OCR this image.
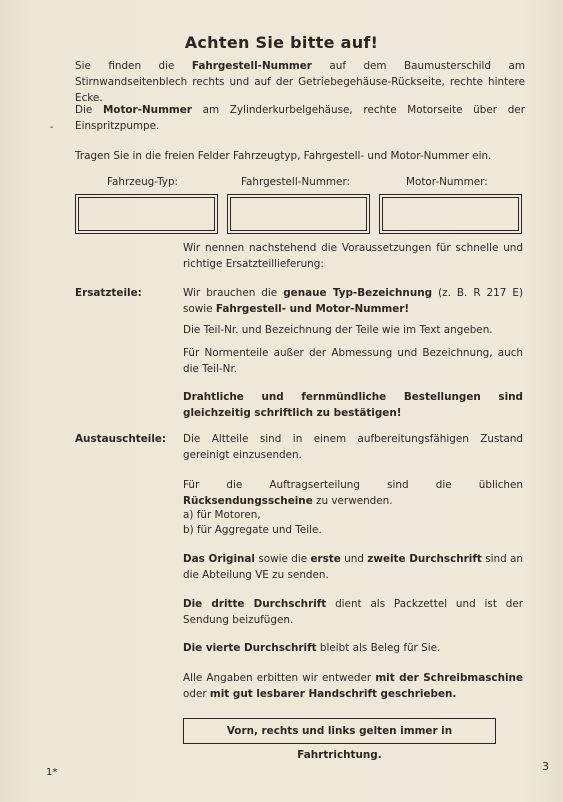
Achten Sie bitte auf!
Sie finden die Fahrgestell-Nummer auf dem Baumusterschild am Stirnwandseitenblech rechts und auf der Getriebegehäuse-Rückseite, rechte hintere Ecke.
Die Motor-Nummer am Zylinderkurbelgehäuse, rechte Motorseite über der Einspritzpumpe.
-
Tragen Sie in die freien Felder Fahrzeugtyp, Fahrgestell- und Motor-Nummer ein.
Fahrzeug-Typ:	Fahrgestell-Nummer:	Motor-Nummer:
Wir nennen nachstehend die Voraussetzungen für schnelle und richtige Ersatzteillieferung:
Ersatzteile:	Wir brauchen die genaue Typ-Bezeichnung (z. B. R 217 E) sowie Fahrgestell- und Motor-Nummer!
Die Teil-Nr. und Bezeichnung der Teile wie im Text angeben.
Für Normenteile außer der Abmessung und Bezeichnung, auch die Teil-Nr.
Drahtliche und fernmündliche Bestellungen sind gleichzeitig schriftlich zu bestätigen!
Austauschteile: Die Altteile sind in einem aufbereitungsfähigen Zustand gereinigt einzusenden.
Für die Auftragserteilung sind die üblichen Rücksendungsscheine zu verwenden.
a) für Motoren,
b) für Aggregate und Teile.
Das Original sowie die erste und zweite Durchschrift sind an die Abteilung VE zu senden.
Die dritte Durchschrift dient als Packzettel und ist der Sendung beizufügen.
Die vierte Durchschrift bleibt als Beleg für Sie.
Alle Angaben erbitten wir entweder mit der Schreibmaschine oder mit gut lesbarer Handschrift geschrieben.
Vorn, rechts und links gelten immer in Fahrtrichtung.
3
1*
